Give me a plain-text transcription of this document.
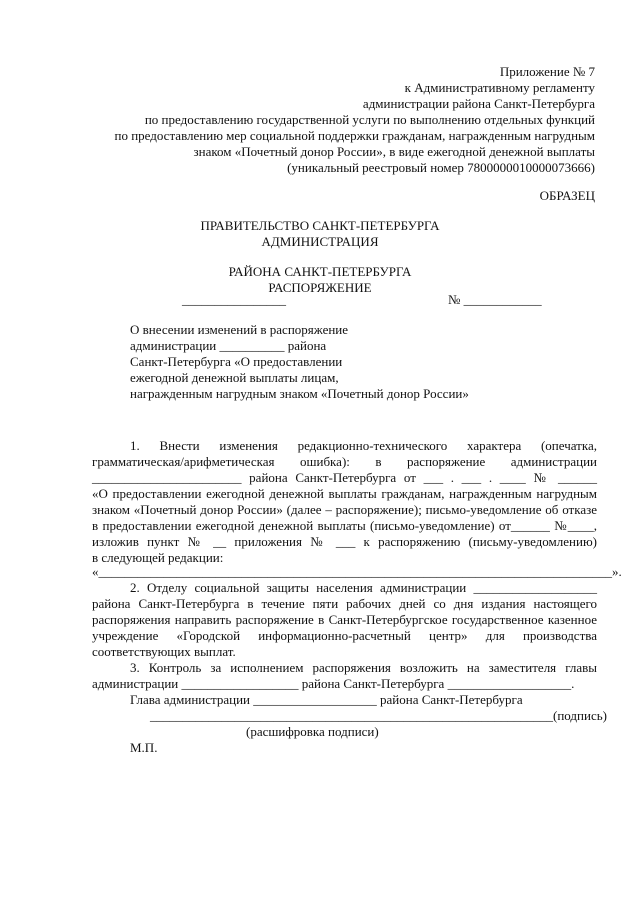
Приложение № 7
к Административному регламенту
администрации района Санкт-Петербурга
по предоставлению государственной услуги по выполнению отдельных функций
по предоставлению мер социальной поддержки гражданам, награжденным нагрудным
знаком «Почетный донор России», в виде ежегодной денежной выплаты
(уникальный реестровый номер 7800000010000073666)
ОБРАЗЕЦ
ПРАВИТЕЛЬСТВО САНКТ-ПЕТЕРБУРГА
АДМИНИСТРАЦИЯ
РАЙОНА САНКТ-ПЕТЕРБУРГА
РАСПОРЯЖЕНИЕ
________________	№ ____________
О внесении изменений в распоряжение
администрации __________ района
Санкт-Петербурга «О предоставлении
ежегодной денежной выплаты лицам,
награжденным нагрудным знаком «Почетный донор России»
1. Внести изменения редакционно-технического характера (опечатка,
грамматическая/арифметическая ошибка): в распоряжение администрации
_______________________ района Санкт-Петербурга от ___ . ___ . ____ № ______
«О предоставлении ежегодной денежной выплаты гражданам, награжденным нагрудным
знаком «Почетный донор России» (далее – распоряжение); письмо-уведомление об отказе
в предоставлении ежегодной денежной выплаты (письмо-уведомление) от______ №____,
изложив пункт № __ приложения № ___ к распоряжению (письму-уведомлению)
в следующей редакции:
«_______________________________________________________________________________».
2. Отделу социальной защиты населения администрации ___________________
района Санкт-Петербурга в течение пяти рабочих дней со дня издания настоящего
распоряжения направить распоряжение в Санкт-Петербургское государственное казенное
учреждение «Городской информационно-расчетный центр» для производства
соответствующих выплат.
3. Контроль за исполнением распоряжения возложить на заместителя главы
администрации __________________ района Санкт-Петербурга ___________________.
Глава администрации ___________________ района Санкт-Петербурга
______________________________________________________________(подпись)
(расшифровка подписи)
М.П.
